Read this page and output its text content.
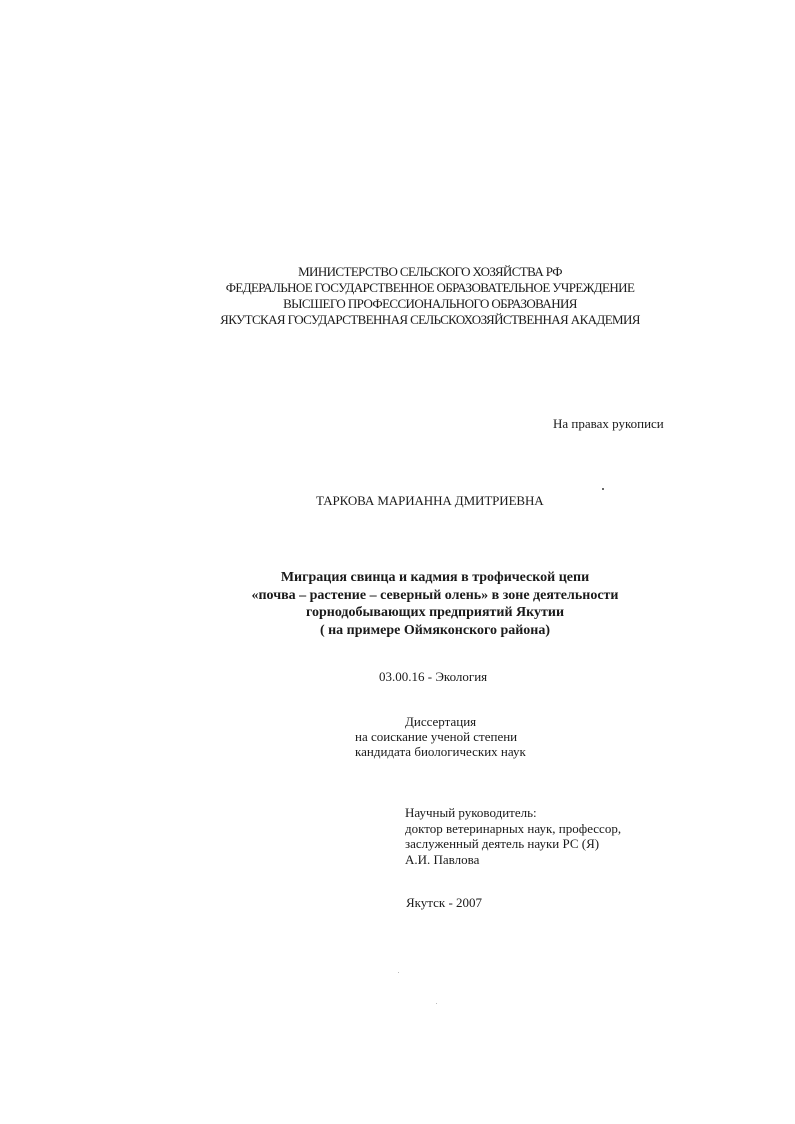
МИНИСТЕРСТВО СЕЛЬСКОГО ХОЗЯЙСТВА РФ
ФЕДЕРАЛЬНОЕ ГОСУДАРСТВЕННОЕ ОБРАЗОВАТЕЛЬНОЕ УЧРЕЖДЕНИЕ
ВЫСШЕГО ПРОФЕССИОНАЛЬНОГО ОБРАЗОВАНИЯ
ЯКУТСКАЯ ГОСУДАРСТВЕННАЯ СЕЛЬСКОХОЗЯЙСТВЕННАЯ АКАДЕМИЯ
На правах рукописи
ТАРКОВА МАРИАННА ДМИТРИЕВНА
Миграция свинца и кадмия в трофической цепи
«почва – растение – северный олень» в зоне деятельности
горнодобывающих предприятий Якутии
( на примере Оймяконского района)
03.00.16 - Экология
Диссертация
на соискание ученой степени
кандидата биологических наук
Научный руководитель:
доктор ветеринарных наук, профессор,
заслуженный деятель науки РС (Я)
А.И. Павлова
Якутск - 2007
